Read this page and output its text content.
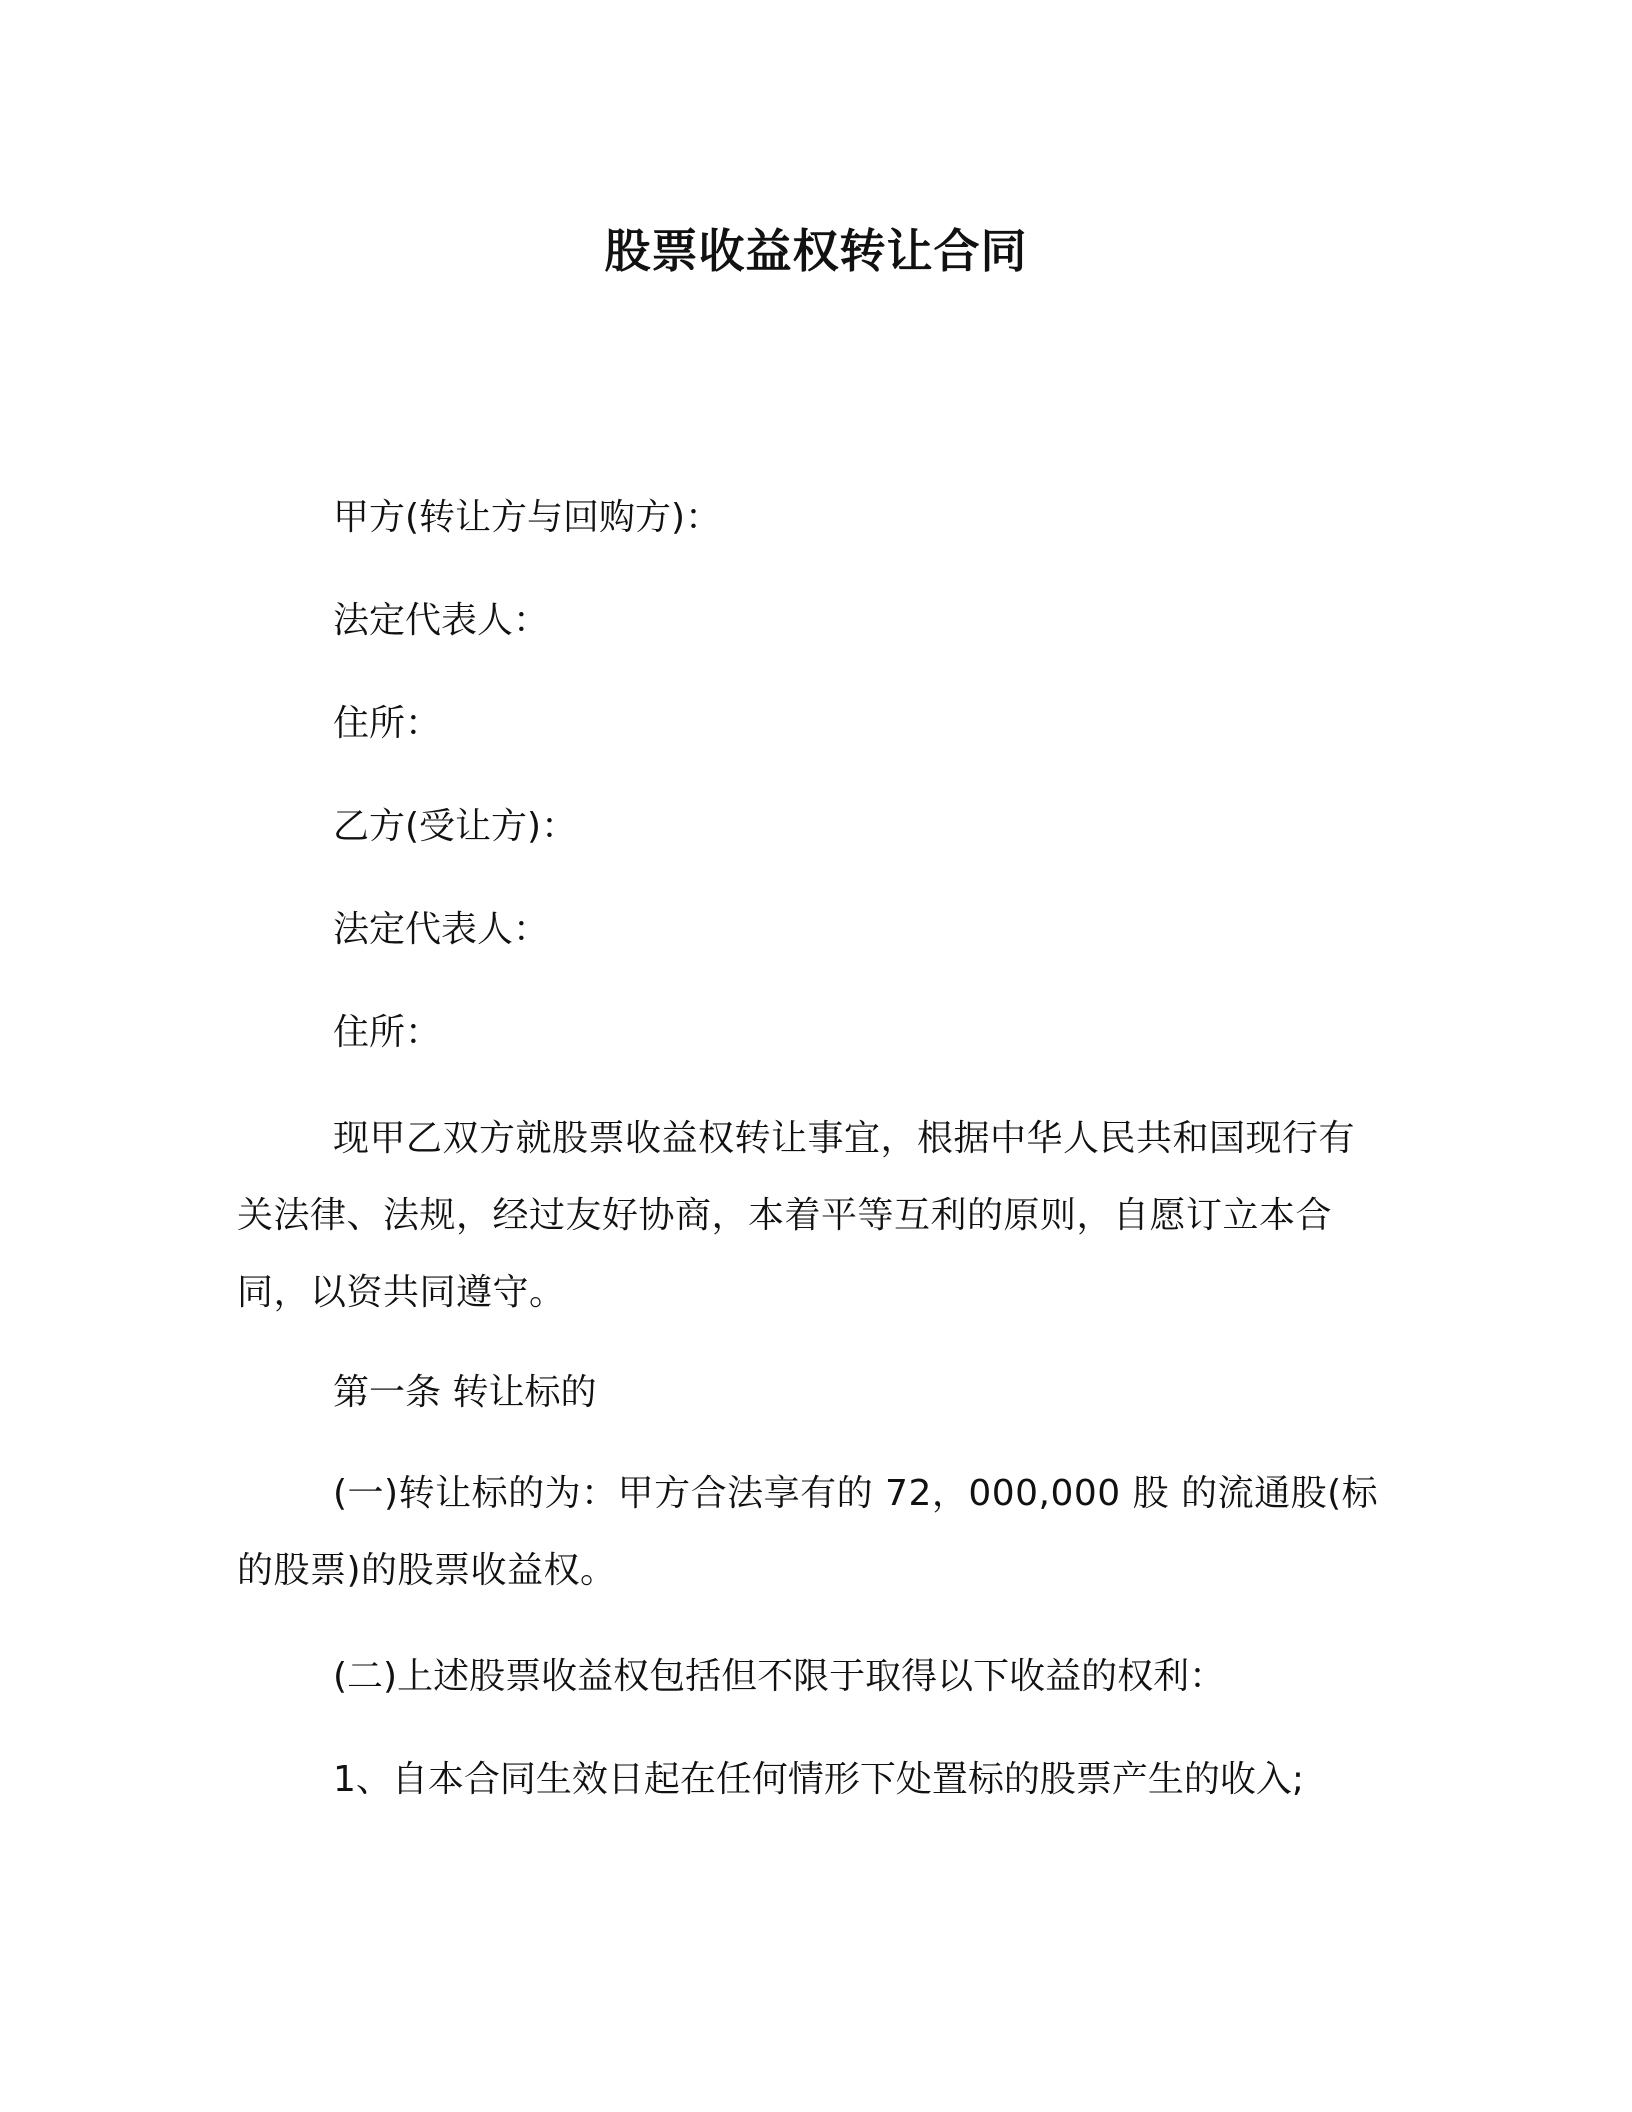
股票收益权转让合同
甲方(转让方与回购方)：
法定代表人：
住所：
乙方(受让方)：
法定代表人：
住所：

现甲乙双方就股票收益权转让事宜，根据中华人民共和国现行有关法律、法规，经过友好协商，本着平等互利的原则，自愿订立本合同，以资共同遵守。

第一条 转让标的

(一)转让标的为：甲方合法享有的 72，000,000 股 的流通股(标的股票)的股票收益权。

(二)上述股票收益权包括但不限于取得以下收益的权利：
1、自本合同生效日起在任何情形下处置标的股票产生的收入;
